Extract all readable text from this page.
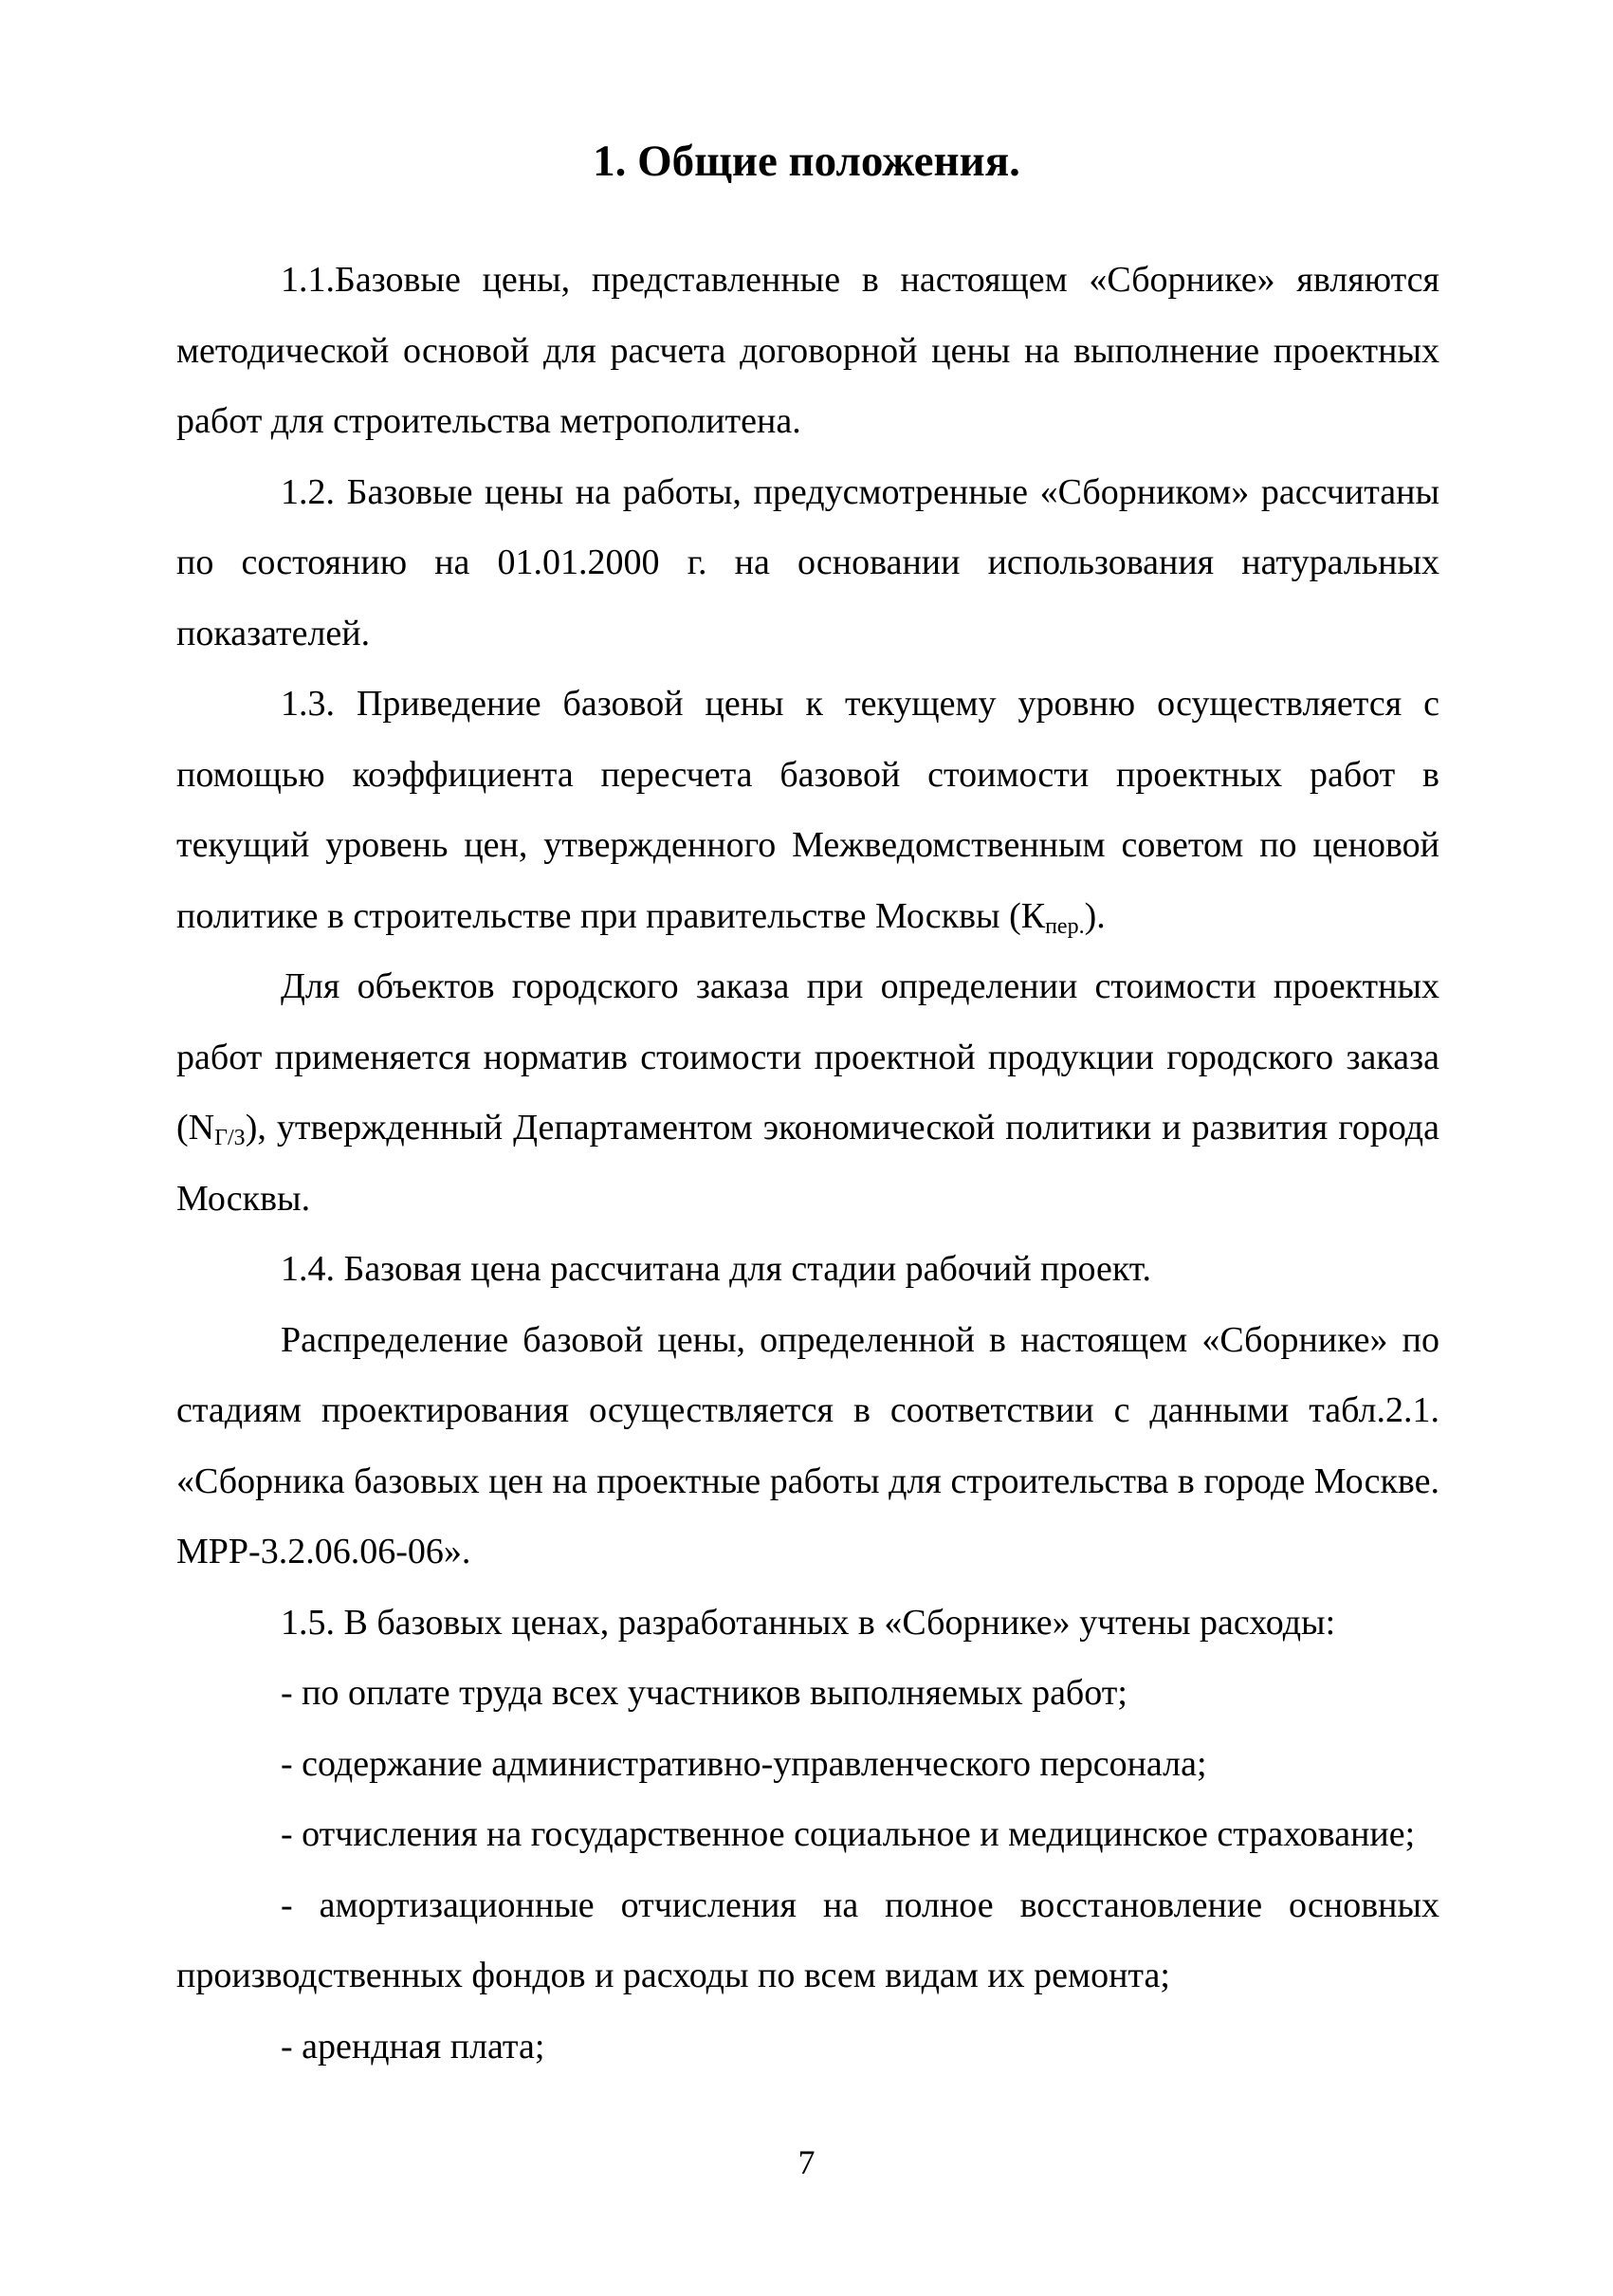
1. Общие положения.

1.1.Базовые цены, представленные в настоящем «Сборнике» являются методической основой для расчета договорной цены на выполнение проектных работ для строительства метрополитена.

1.2. Базовые цены на работы, предусмотренные «Сборником» рассчитаны по состоянию на 01.01.2000 г. на основании использования натуральных показателей.

1.3. Приведение базовой цены к текущему уровню осуществляется с помощью коэффициента пересчета базовой стоимости проектных работ в текущий уровень цен, утвержденного Межведомственным советом по ценовой политике в строительстве при правительстве Москвы $(К_{пер.})$.

Для объектов городского заказа при определении стоимости проектных работ применяется норматив стоимости проектной продукции городского заказа $(N_{Г/З})$, утвержденный Департаментом экономической политики и развития города Москвы.

1.4. Базовая цена рассчитана для стадии рабочий проект.

Распределение базовой цены, определенной в настоящем «Сборнике» по стадиям проектирования осуществляется в соответствии с данными табл.2.1. «Сборника базовых цен на проектные работы для строительства в городе Москве. МРР-3.2.06.06-06».

1.5. В базовых ценах, разработанных в «Сборнике» учтены расходы:

- по оплате труда всех участников выполняемых работ;

- содержание административно-управленческого персонала;

- отчисления на государственное социальное и медицинское страхование;

- амортизационные отчисления на полное восстановление основных производственных фондов и расходы по всем видам их ремонта;

- арендная плата;

7
